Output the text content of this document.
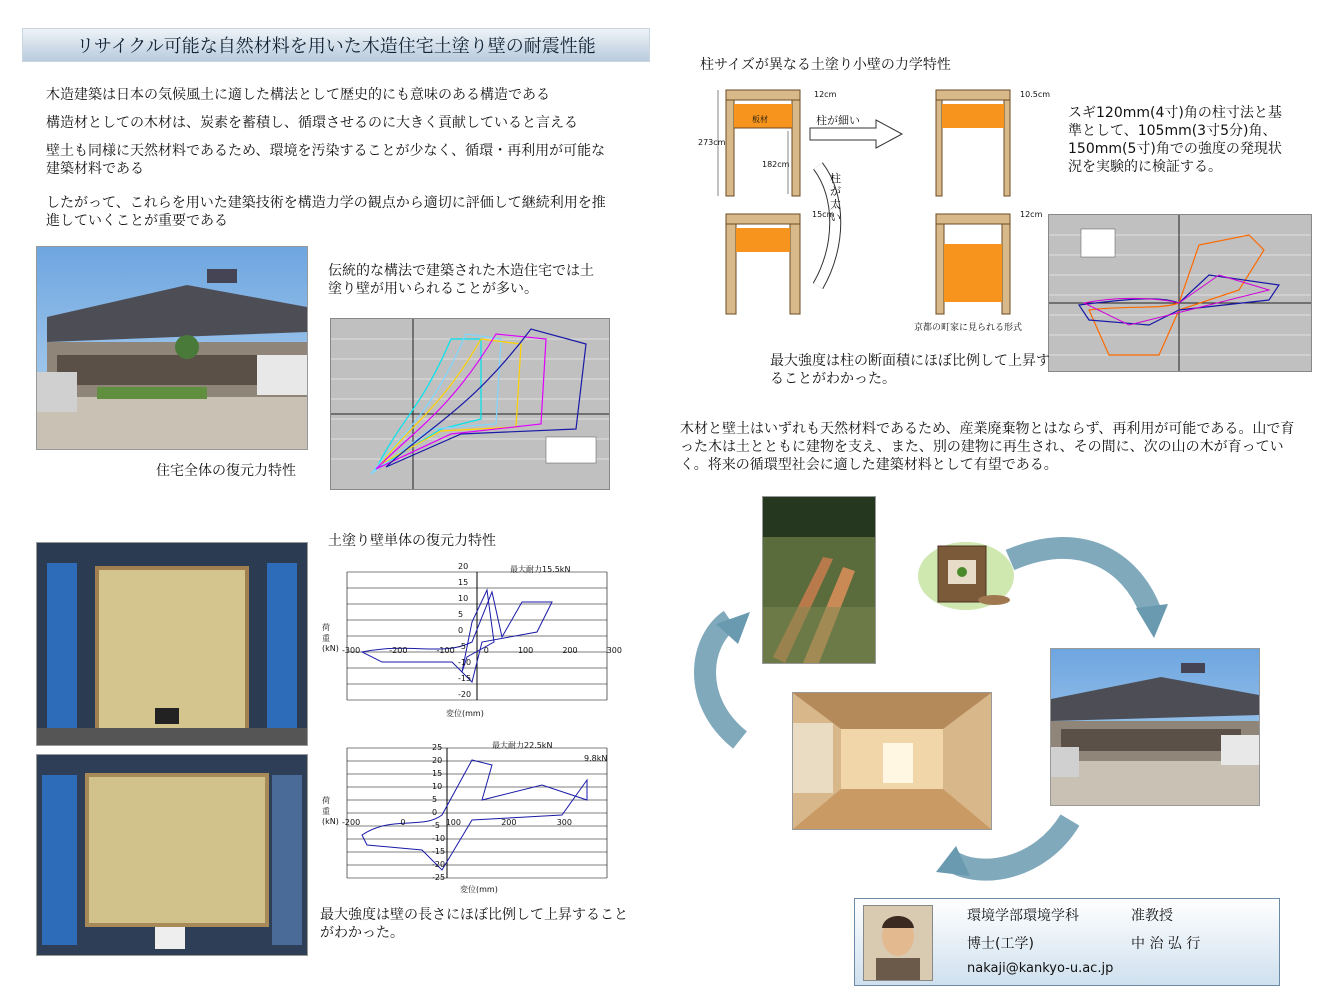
リサイクル可能な自然材料を用いた木造住宅土塗り壁の耐震性能

木造建築は日本の気候風土に適した構法として歴史的にも意味のある構造である

構造材としての木材は、炭素を蓄積し、循環させるのに大きく貢献していると言える

壁土も同様に天然材料であるため、環境を汚染することが少なく、循環・再利用が可能な建築材料である

したがって、これらを用いた建築技術を構造力学の観点から適切に評価して継続利用を推進していくことが重要である
伝統的な構法で建築された木造住宅では土塗り壁が用いられることが多い。
住宅全体の復元力特性
土塗り壁単体の復元力特性
20
15
10
5
0
-5
-10
-15
-20
-300	-200	-100	0	100	200	300
最大耐力15.5kN
荷重(kN)
変位(mm)
25
20
15
10
5
0
-5
-10
-15
-20
-25
-200	0	100	200	300
最大耐力22.5kN
9.8kN
荷重(kN)
変位(mm)
最大強度は壁の長さにほぼ比例して上昇することがわかった。
柱サイズが異なる土塗り小壁の力学特性
12cm	10.5cm
15cm	12cm
273cm
182cm
板材	柱が細い
柱が太い
京都の町家に見られる形式
スギ120mm(4寸)角の柱寸法と基準として、105mm(3寸5分)角、150mm(5寸)角での強度の発現状況を実験的に検証する。
最大強度は柱の断面積にほぼ比例して上昇することがわかった。
木材と壁土はいずれも天然材料であるため、産業廃棄物とはならず、再利用が可能である。山で育った木は土とともに建物を支え、また、別の建物に再生され、その間に、次の山の木が育っていく。将来の循環型社会に適した建築材料として有望である。
環境学部環境学科	准教授
博士(工学)	中 治 弘 行
nakaji@kankyo-u.ac.jp
